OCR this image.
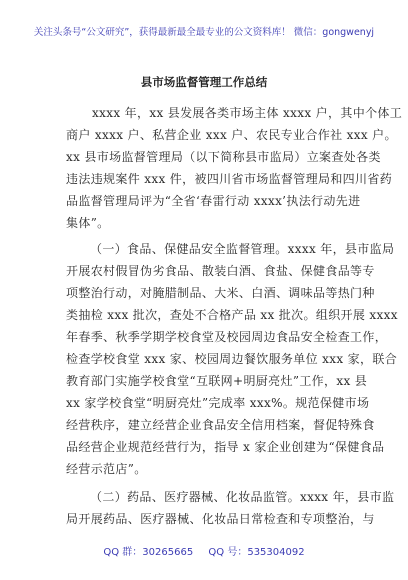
关注头条号“公文研究”，获得最新最全最专业的公文资料库！ 微信：gongwenyj
县市场监督管理工作总结
xxxx 年，xx 县发展各类市场主体 xxxx 户，其中个体工
商户 xxxx 户、私营企业 xxx 户、农民专业合作社 xxx 户。
xx 县市场监督管理局（以下简称县市监局）立案查处各类
违法违规案件 xxx 件，被四川省市场监督管理局和四川省药
品监督管理局评为“全省‘春雷行动 xxxx’执法行动先进
集体”。
（一）食品、保健品安全监督管理。xxxx 年，县市监局
开展农村假冒伪劣食品、散装白酒、食盐、保健食品等专
项整治行动，对腌腊制品、大米、白酒、调味品等热门种
类抽检 xxx 批次，查处不合格产品 xx 批次。组织开展 xxxx
年春季、秋季学期学校食堂及校园周边食品安全检查工作，
检查学校食堂 xxx 家、校园周边餐饮服务单位 xxx 家，联合
教育部门实施学校食堂“互联网+明厨亮灶”工作，xx 县
xx 家学校食堂“明厨亮灶”完成率 xxx%。规范保健市场
经营秩序，建立经营企业食品安全信用档案，督促特殊食
品经营企业规范经营行为，指导 x 家企业创建为“保健食品
经营示范店”。
（二）药品、医疗器械、化妆品监管。xxxx 年，县市监
局开展药品、医疗器械、化妆品日常检查和专项整治，与
QQ 群：30265665 QQ 号：535304092
